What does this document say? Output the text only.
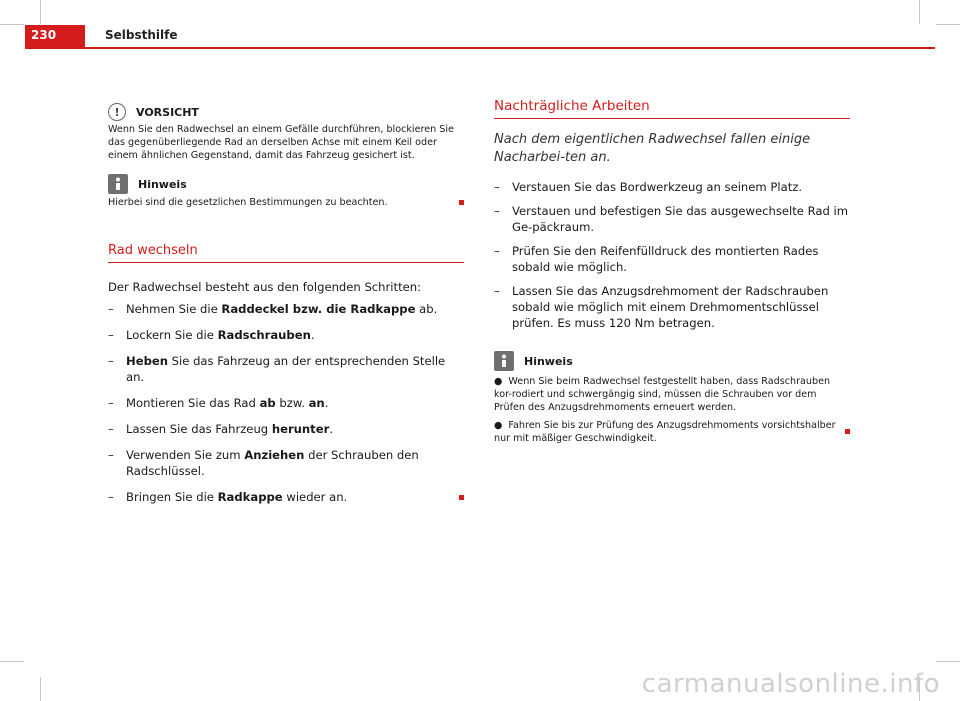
230	Selbsthilfe
!	VORSICHT
Wenn Sie den Radwechsel an einem Gefälle durchführen, blockieren Sie das gegenüberliegende Rad an derselben Achse mit einem Keil oder einem ähnlichen Gegenstand, damit das Fahrzeug gesichert ist.
Hinweis
Hierbei sind die gesetzlichen Bestimmungen zu beachten.
Rad wechseln
Der Radwechsel besteht aus den folgenden Schritten:
–	Nehmen Sie die Raddeckel bzw. die Radkappe ab.
–	Lockern Sie die Radschrauben.
–	Heben Sie das Fahrzeug an der entsprechenden Stelle an.
–	Montieren Sie das Rad ab bzw. an.
–	Lassen Sie das Fahrzeug herunter.
–	Verwenden Sie zum Anziehen der Schrauben den Radschlüssel.
–	Bringen Sie die Radkappe wieder an.
Nachträgliche Arbeiten
Nach dem eigentlichen Radwechsel fallen einige Nacharbei-ten an.
–	Verstauen Sie das Bordwerkzeug an seinem Platz.
–	Verstauen und befestigen Sie das ausgewechselte Rad im Ge-päckraum.
–	Prüfen Sie den Reifenfülldruck des montierten Rades sobald wie möglich.
–	Lassen Sie das Anzugsdrehmoment der Radschrauben sobald wie möglich mit einem Drehmomentschlüssel prüfen. Es muss 120 Nm betragen.
Hinweis
● Wenn Sie beim Radwechsel festgestellt haben, dass Radschrauben kor-rodiert und schwergängig sind, müssen die Schrauben vor dem Prüfen des Anzugsdrehmoments erneuert werden.
● Fahren Sie bis zur Prüfung des Anzugsdrehmoments vorsichtshalber nur mit mäßiger Geschwindigkeit.
carmanualsonline.info
